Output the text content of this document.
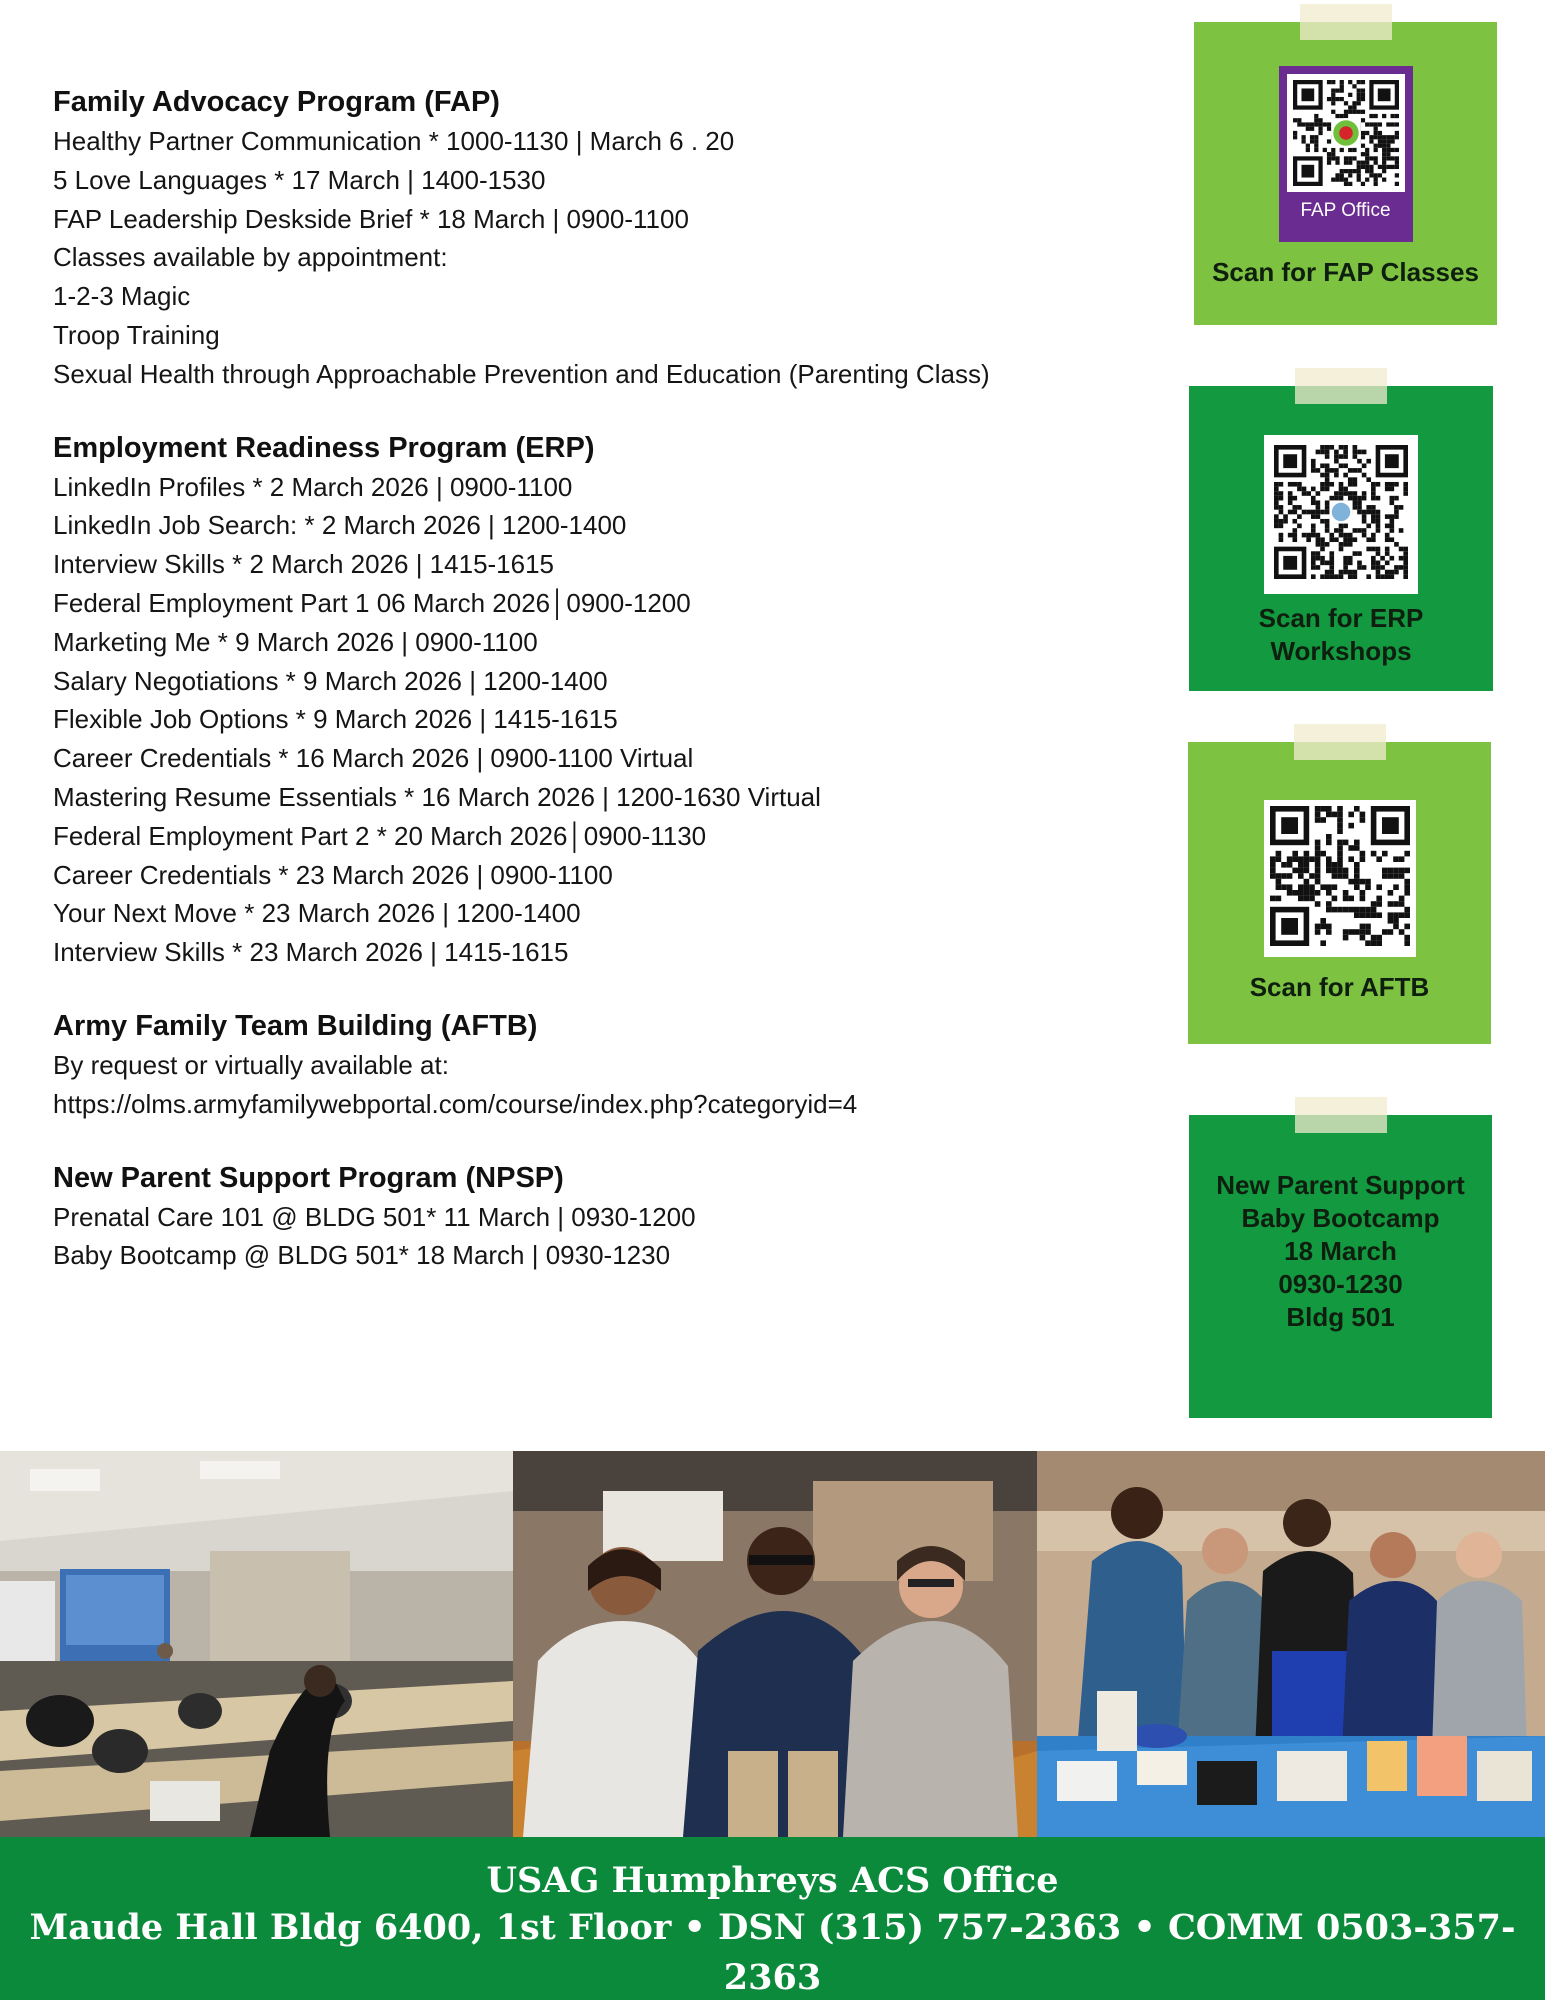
Family Advocacy Program (FAP)
Healthy Partner Communication * 1000-1130 | March 6 . 20
5 Love Languages * 17 March | 1400-1530
FAP Leadership Deskside Brief * 18 March | 0900-1100
Classes available by appointment:
1-2-3 Magic
Troop Training
Sexual Health through Approachable Prevention and Education (Parenting Class)
Employment Readiness Program (ERP)
LinkedIn Profiles * 2 March 2026 | 0900-1100
LinkedIn Job Search: * 2 March 2026 | 1200-1400
Interview Skills * 2 March 2026 | 1415-1615
Federal Employment Part 1 06 March 2026│0900-1200
Marketing Me * 9 March 2026 | 0900-1100
Salary Negotiations * 9 March 2026 | 1200-1400
Flexible Job Options * 9 March 2026 | 1415-1615
Career Credentials * 16 March 2026 | 0900-1100 Virtual
Mastering Resume Essentials * 16 March 2026 | 1200-1630 Virtual
Federal Employment Part 2 * 20 March 2026│0900-1130
Career Credentials * 23 March 2026 | 0900-1100
Your Next Move * 23 March 2026 | 1200-1400
Interview Skills * 23 March 2026 | 1415-1615
Army Family Team Building (AFTB)
By request or virtually available at:
https://olms.armyfamilywebportal.com/course/index.php?categoryid=4
New Parent Support Program (NPSP)
Prenatal Care 101 @ BLDG 501* 11 March | 0930-1200
Baby Bootcamp @ BLDG 501* 18 March | 0930-1230
FAP Office
Scan for FAP Classes
Scan for ERP
Workshops
Scan for AFTB
New Parent Support
Baby Bootcamp
18 March
0930-1230
Bldg 501
USAG Humphreys ACS Office
Maude Hall Bldg 6400, 1st Floor • DSN (315) 757-2363 • COMM 0503-357-2363
